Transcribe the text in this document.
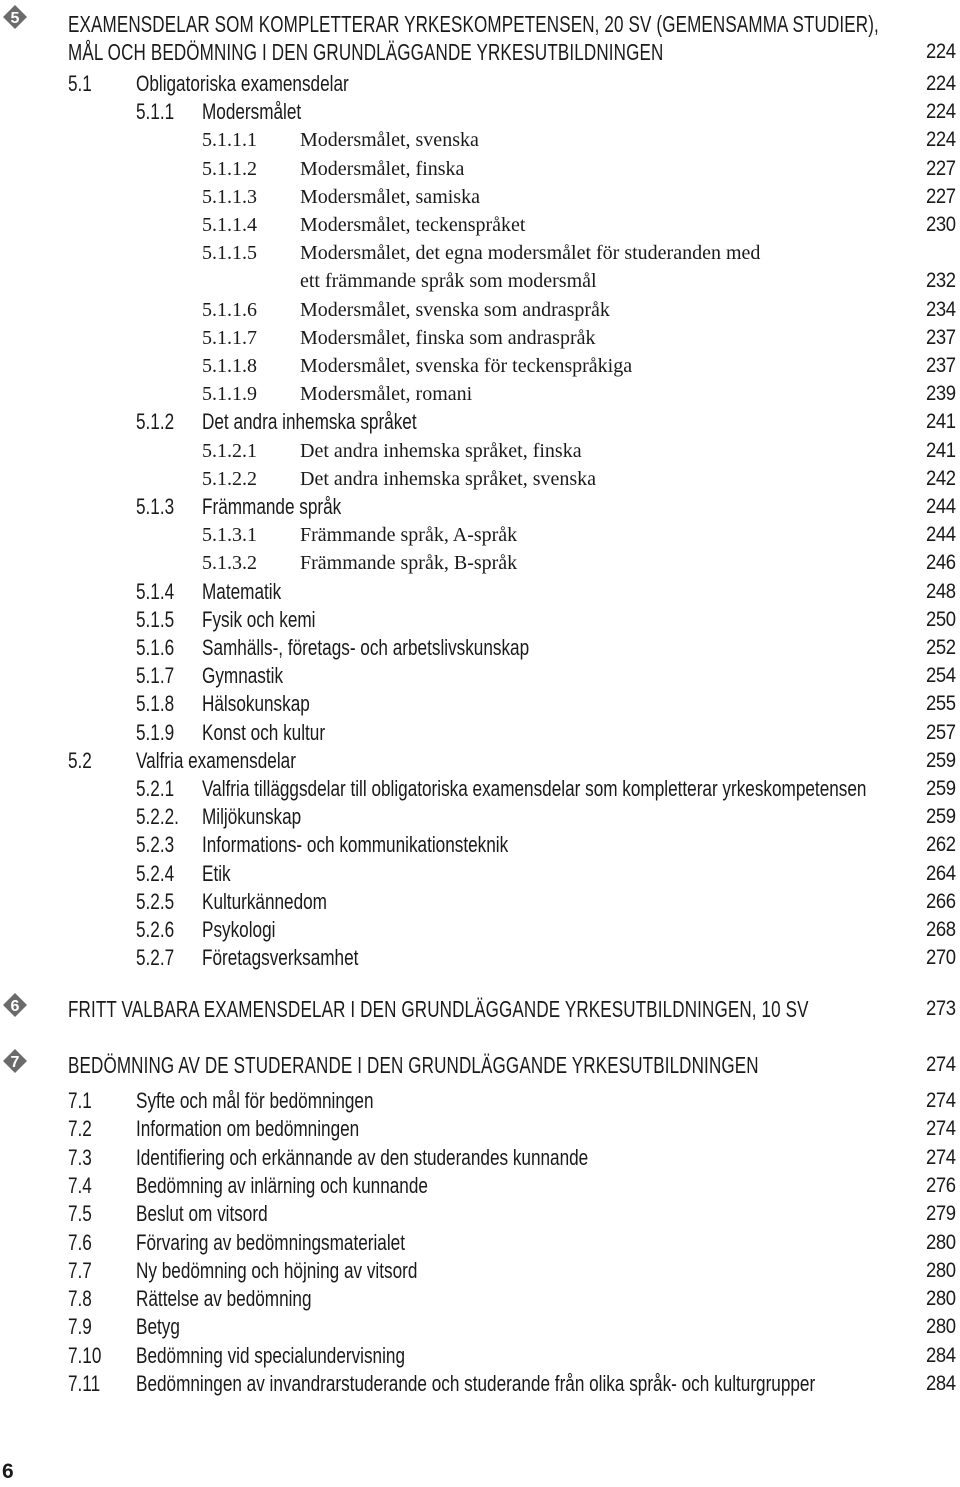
5 EXAMENSDELAR SOM KOMPLETTERAR YRKESKOMPETENSEN, 20 SV (GEMENSAMMA STUDIER),
MÅL OCH BEDÖMNING I DEN GRUNDLÄGGANDE YRKESUTBILDNINGEN	224
5.1 Obligatoriska examensdelar	224
5.1.1 Modersmålet	224
5.1.1.1 Modersmålet, svenska	224
5.1.1.2 Modersmålet, finska	227
5.1.1.3 Modersmålet, samiska	227
5.1.1.4 Modersmålet, teckenspråket	230
5.1.1.5 Modersmålet, det egna modersmålet för studeranden med
ett främmande språk som modersmål	232
5.1.1.6 Modersmålet, svenska som andraspråk	234
5.1.1.7 Modersmålet, finska som andraspråk	237
5.1.1.8 Modersmålet, svenska för teckenspråkiga	237
5.1.1.9 Modersmålet, romani	239
5.1.2 Det andra inhemska språket	241
5.1.2.1 Det andra inhemska språket, finska	241
5.1.2.2 Det andra inhemska språket, svenska	242
5.1.3 Främmande språk	244
5.1.3.1 Främmande språk, A-språk	244
5.1.3.2 Främmande språk, B-språk	246
5.1.4 Matematik	248
5.1.5 Fysik och kemi	250
5.1.6 Samhälls-, företags- och arbetslivskunskap	252
5.1.7 Gymnastik	254
5.1.8 Hälsokunskap	255
5.1.9 Konst och kultur	257
5.2 Valfria examensdelar	259
5.2.1 Valfria tilläggsdelar till obligatoriska examensdelar som kompletterar yrkeskompetensen	259
5.2.2. Miljökunskap	259
5.2.3 Informations- och kommunikationsteknik	262
5.2.4 Etik	264
5.2.5 Kulturkännedom	266
5.2.6 Psykologi	268
5.2.7 Företagsverksamhet	270
6 FRITT VALBARA EXAMENSDELAR I DEN GRUNDLÄGGANDE YRKESUTBILDNINGEN, 10 SV	273
7 BEDÖMNING AV DE STUDERANDE I DEN GRUNDLÄGGANDE YRKESUTBILDNINGEN	274
7.1 Syfte och mål för bedömningen	274
7.2 Information om bedömningen	274
7.3 Identifiering och erkännande av den studerandes kunnande	274
7.4 Bedömning av inlärning och kunnande	276
7.5 Beslut om vitsord	279
7.6 Förvaring av bedömningsmaterialet	280
7.7 Ny bedömning och höjning av vitsord	280
7.8 Rättelse av bedömning	280
7.9 Betyg	280
7.10 Bedömning vid specialundervisning	284
7.11 Bedömningen av invandrarstuderande och studerande från olika språk- och kulturgrupper	284
6
